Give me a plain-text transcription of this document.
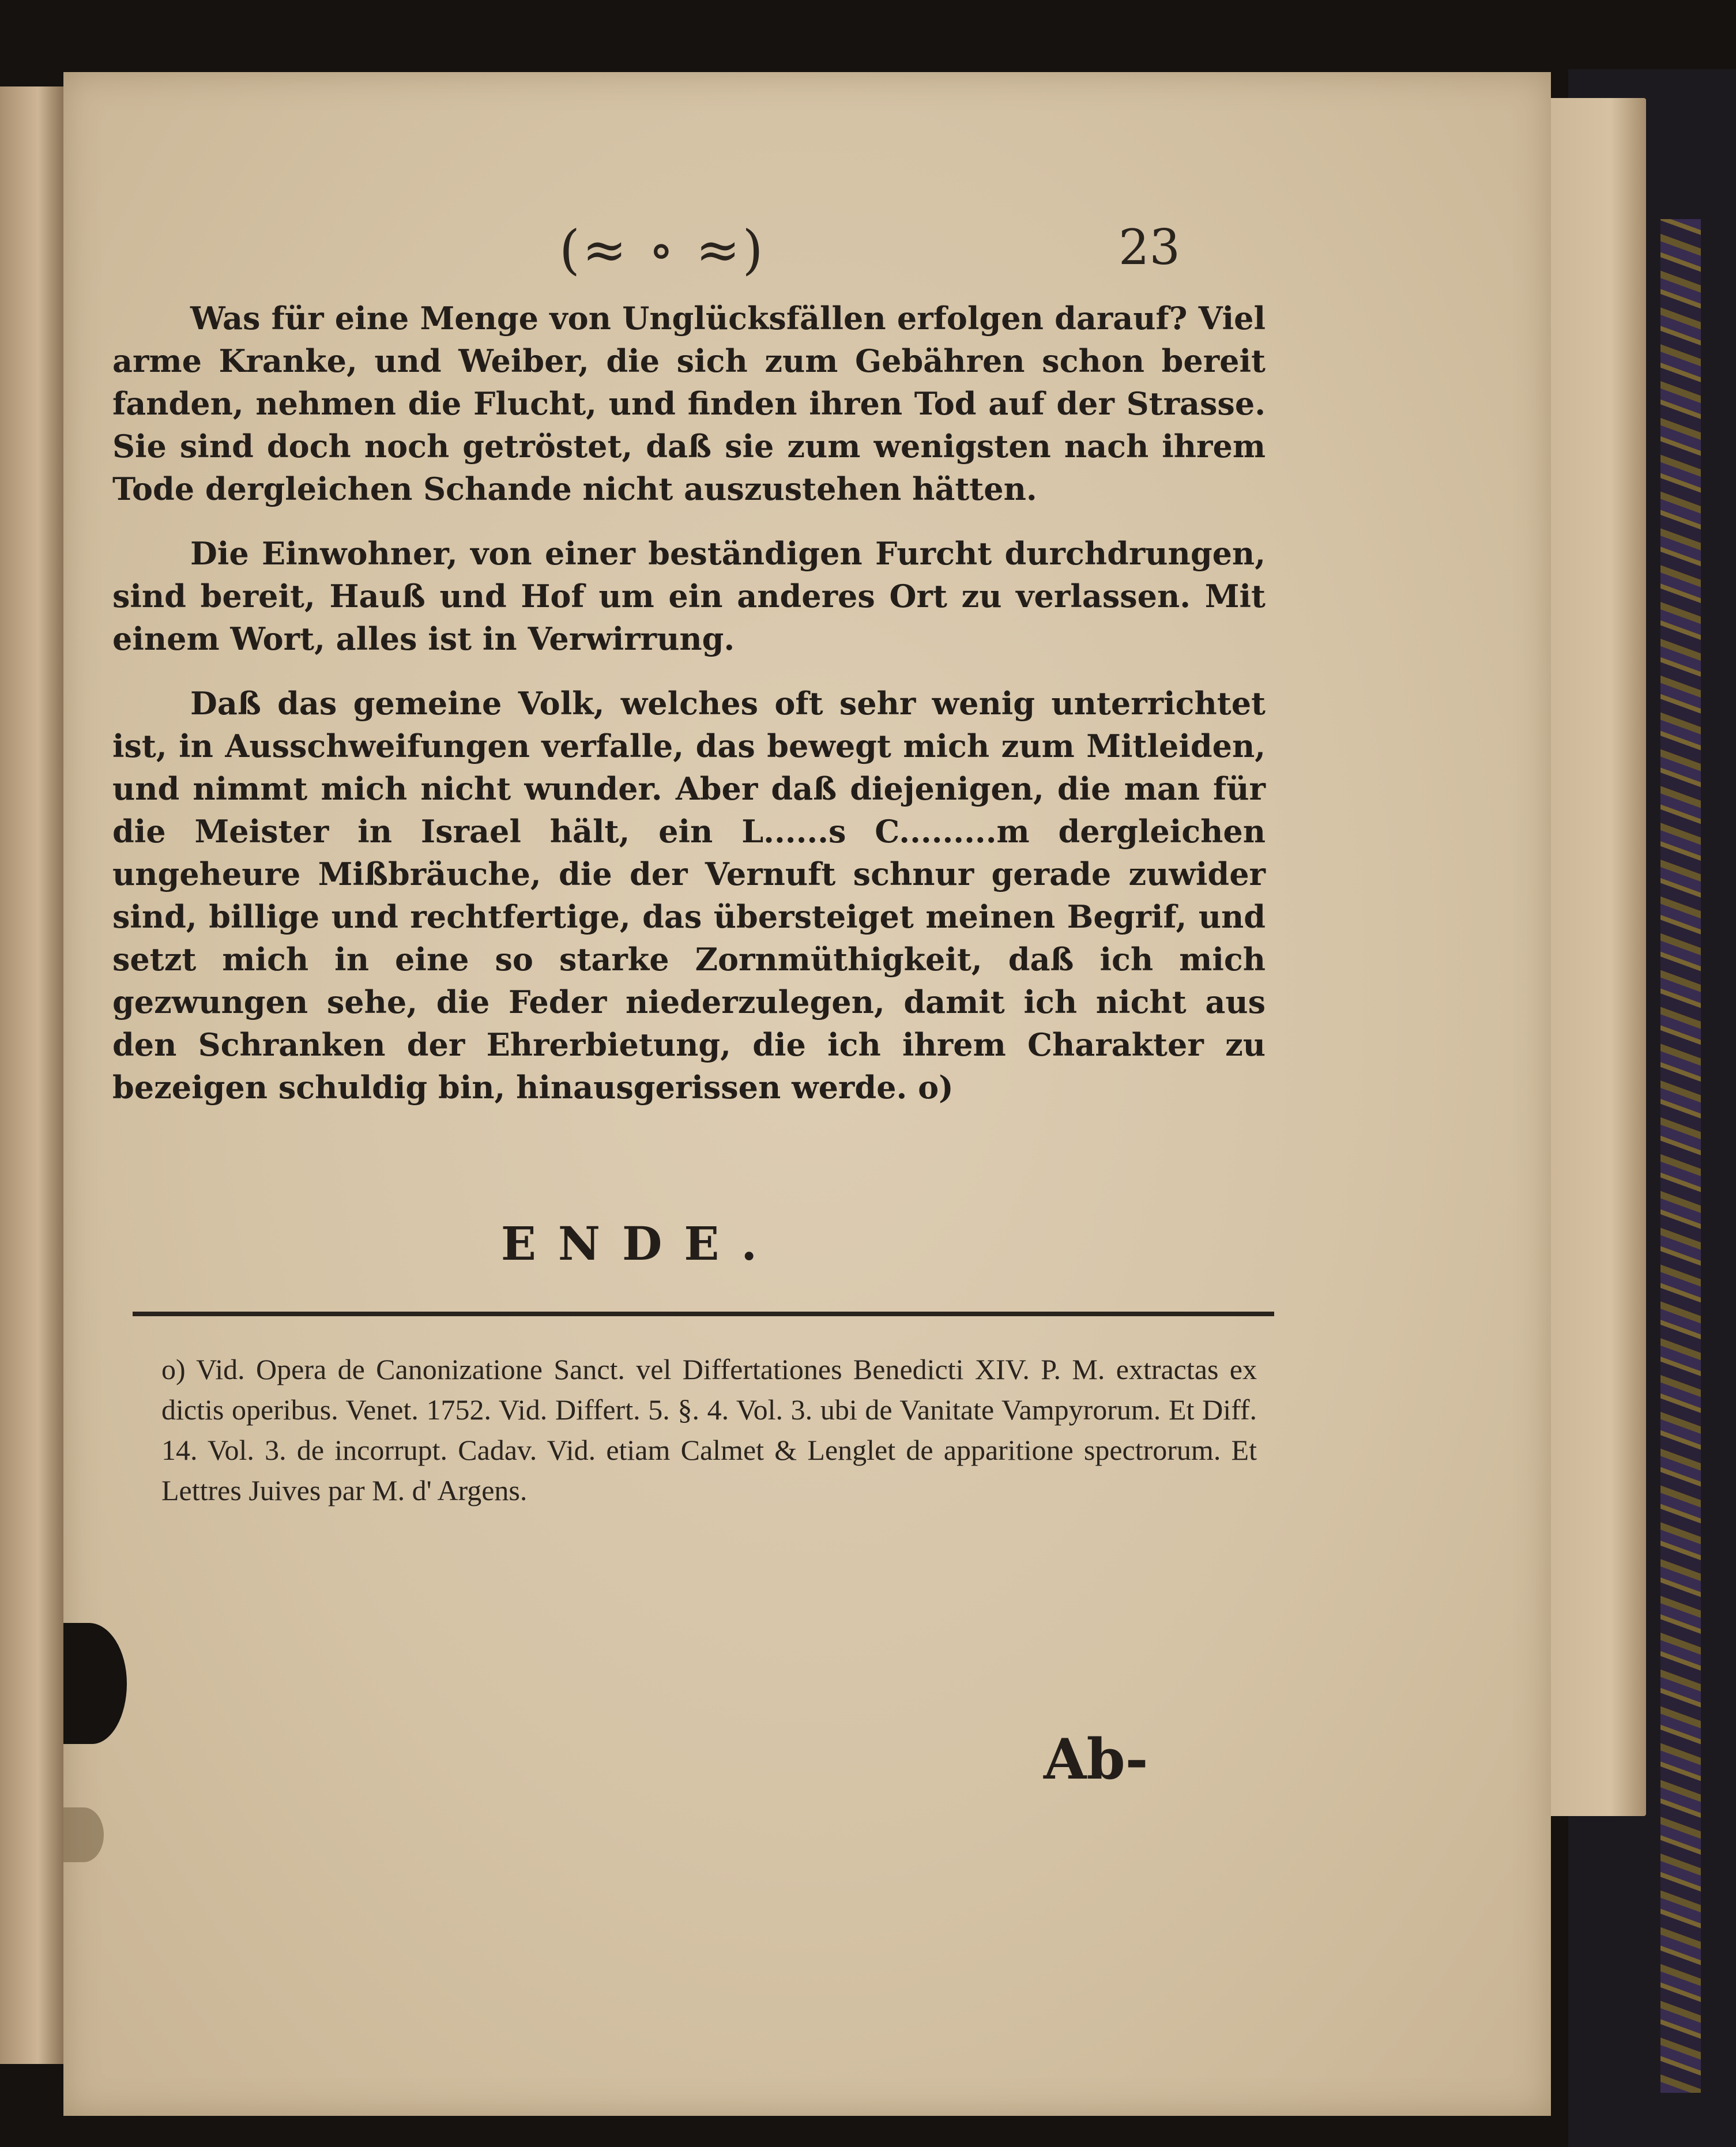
(≈ ∘ ≈)	23

Was für eine Menge von Unglücksfällen erfolgen darauf? Viel arme Kranke, und Weiber, die sich zum Gebähren schon bereit fanden, nehmen die Flucht, und finden ihren Tod auf der Strasse. Sie sind doch noch getröstet, daß sie zum wenigsten nach ihrem Tode dergleichen Schande nicht auszustehen hätten.

Die Einwohner, von einer beständigen Furcht durchdrungen, sind bereit, Hauß und Hof um ein anderes Ort zu verlassen. Mit einem Wort, alles ist in Verwirrung.

Daß das gemeine Volk, welches oft sehr wenig unterrichtet ist, in Ausschweifungen verfalle, das bewegt mich zum Mitleiden, und nimmt mich nicht wunder. Aber daß diejenigen, die man für die Meister in Israel hält, ein L......s C.........m dergleichen ungeheure Mißbräuche, die der Vernuft schnur gerade zuwider sind, billige und rechtfertige, das übersteiget meinen Begrif, und setzt mich in eine so starke Zornmüthigkeit, daß ich mich gezwungen sehe, die Feder niederzulegen, damit ich nicht aus den Schranken der Ehrerbietung, die ich ihrem Charakter zu bezeigen schuldig bin, hinausgerissen werde. o)

ENDE.
o) Vid. Opera de Canonizatione Sanct. vel Differtationes Benedicti XIV. P. M. extractas ex dictis operibus. Venet. 1752. Vid. Differt. 5. §. 4. Vol. 3. ubi de Vanitate Vampyrorum. Et Diff. 14. Vol. 3. de incorrupt. Cadav. Vid. etiam Calmet & Lenglet de apparitione spectrorum. Et Lettres Juives par M. d' Argens.
Ab-
